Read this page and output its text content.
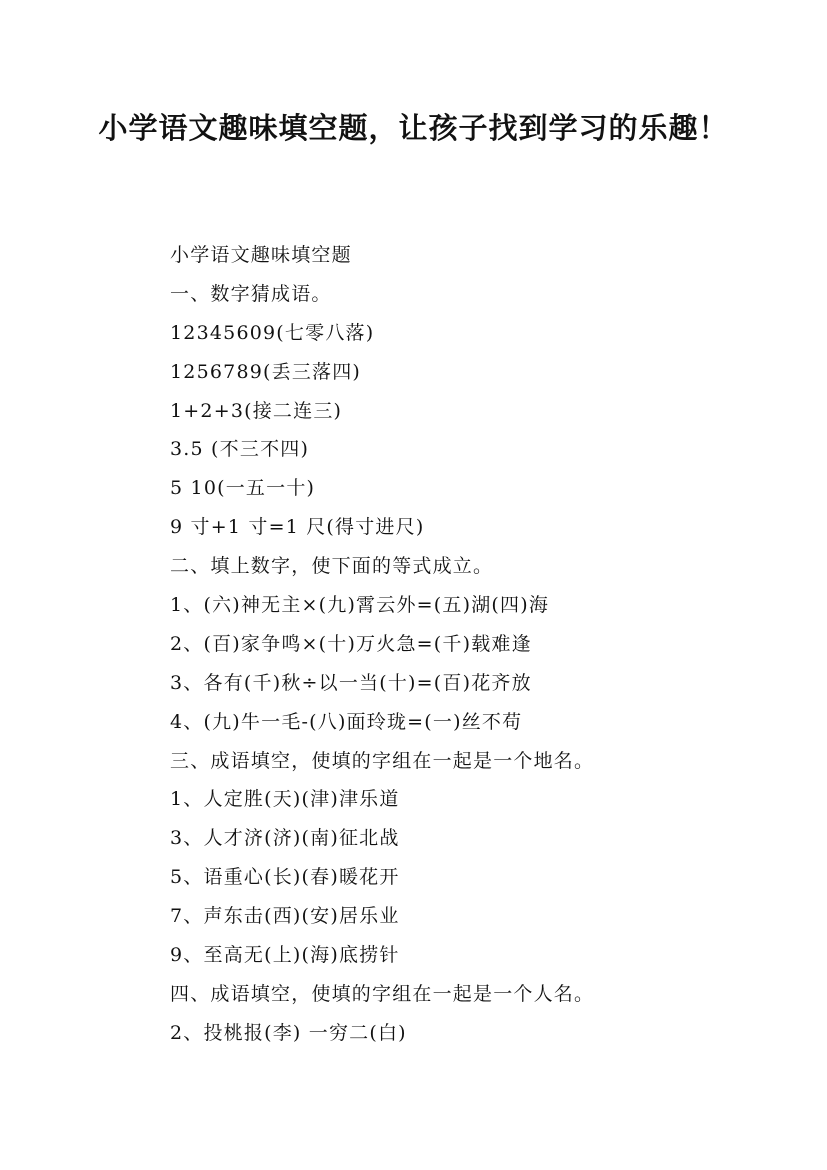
小学语文趣味填空题，让孩子找到学习的乐趣！
小学语文趣味填空题
一、数字猜成语。
12345609(七零八落)
1256789(丢三落四)
1+2+3(接二连三)
3.5 (不三不四)
5 10(一五一十)
9 寸+1 寸=1 尺(得寸进尺)
二、填上数字，使下面的等式成立。
1、(六)神无主×(九)霄云外=(五)湖(四)海
2、(百)家争鸣×(十)万火急=(千)载难逢
3、各有(千)秋÷以一当(十)=(百)花齐放
4、(九)牛一毛-(八)面玲珑=(一)丝不苟
三、成语填空，使填的字组在一起是一个地名。
1、人定胜(天)(津)津乐道
3、人才济(济)(南)征北战
5、语重心(长)(春)暖花开
7、声东击(西)(安)居乐业
9、至高无(上)(海)底捞针
四、成语填空，使填的字组在一起是一个人名。
2、投桃报(李) 一穷二(白)
